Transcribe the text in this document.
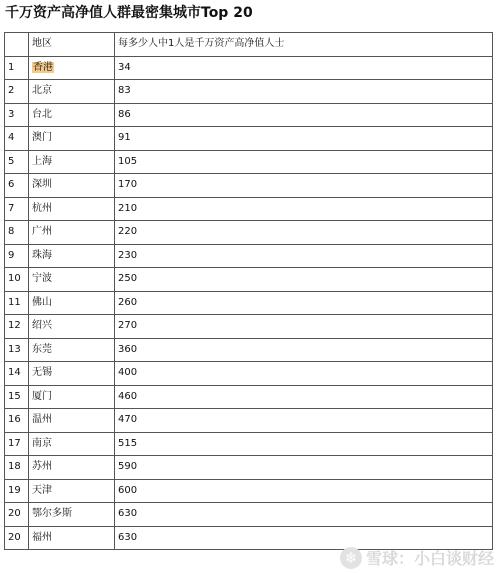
千万资产高净值人群最密集城市Top 20
	地区	每多少人中1人是千万资产高净值人士
1	香港	34
2	北京	83
3	台北	86
4	澳门	91
5	上海	105
6	深圳	170
7	杭州	210
8	广州	220
9	珠海	230
10	宁波	250
11	佛山	260
12	绍兴	270
13	东莞	360
14	无锡	400
15	厦门	460
16	温州	470
17	南京	515
18	苏州	590
19	天津	600
20	鄂尔多斯	630
20	福州	630
❄ 雪球：小白谈财经
